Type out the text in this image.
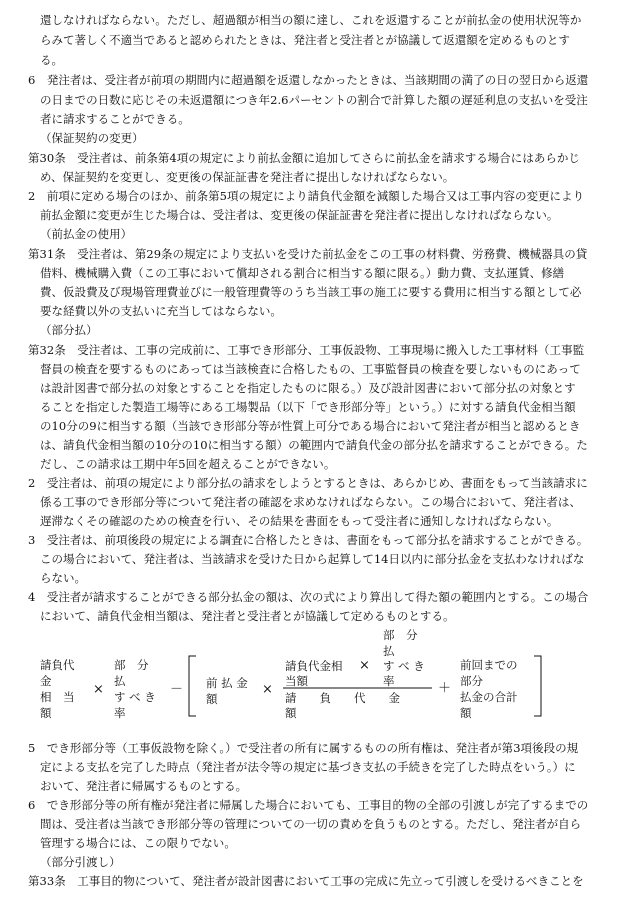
還しなければならない。ただし、超過額が相当の額に達し、これを返還することが前払金の使用状況等か
らみて著しく不適当であると認められたときは、発注者と受注者とが協議して返還額を定めるものとす
る。
6　発注者は、受注者が前項の期間内に超過額を返還しなかったときは、当該期間の満了の日の翌日から返還
の日までの日数に応じその未返還額につき年2.6パーセントの割合で計算した額の遅延利息の支払いを受注
者に請求することができる。
（保証契約の変更）
第30条　受注者は、前条第4項の規定により前払金額に追加してさらに前払金を請求する場合にはあらかじ
め、保証契約を変更し、変更後の保証証書を発注者に提出しなければならない。
2　前項に定める場合のほか、前条第5項の規定により請負代金額を減額した場合又は工事内容の変更により
前払金額に変更が生じた場合は、受注者は、変更後の保証証書を発注者に提出しなければならない。
（前払金の使用）
第31条　受注者は、第29条の規定により支払いを受けた前払金をこの工事の材料費、労務費、機械器具の貸
借料、機械購入費（この工事において償却される割合に相当する額に限る。）動力費、支払運賃、修繕
費、仮設費及び現場管理費並びに一般管理費等のうち当該工事の施工に要する費用に相当する額として必
要な経費以外の支払いに充当してはならない。
（部分払）
第32条　受注者は、工事の完成前に、工事でき形部分、工事仮設物、工事現場に搬入した工事材料（工事監
督員の検査を要するものにあっては当該検査に合格したもの、工事監督員の検査を要しないものにあって
は設計図書で部分払の対象とすることを指定したものに限る。）及び設計図書において部分払の対象とす
ることを指定した製造工場等にある工場製品（以下「でき形部分等」という。）に対する請負代金相当額
の10分の9に相当する額（当該でき形部分等が性質上可分である場合において発注者が相当と認めるとき
は、請負代金相当額の10分の10に相当する額）の範囲内で請負代金の部分払を請求することができる。た
だし、この請求は工期中年5回を超えることができない。
2　受注者は、前項の規定により部分払の請求をしようとするときは、あらかじめ、書面をもって当該請求に
係る工事のでき形部分等について発注者の確認を求めなければならない。この場合において、発注者は、
遅滞なくその確認のための検査を行い、その結果を書面をもって受注者に通知しなければならない。
3　受注者は、前項後段の規定による調査に合格したときは、書面をもって部分払を請求することができる。
この場合において、発注者は、当該請求を受けた日から起算して14日以内に部分払金を支払わなければな
らない。
4　受注者が請求することができる部分払金の額は、次の式により算出して得た額の範囲内とする。この場合
において、請負代金相当額は、発注者と受注者とが協議して定めるものとする。
請負代
金
相　当
額
×
部　分
払
す べ き
率
－ 前 払 金
額
×
部　分
払
請負代金相
当額
× す べ き
率
請　　負　　代　　金
額
＋
前回までの
部分
払金の合計
額
5　でき形部分等（工事仮設物を除く。）で受注者の所有に属するものの所有権は、発注者が第3項後段の規
定による支払を完了した時点（発注者が法令等の規定に基づき支払の手続きを完了した時点をいう。）に
おいて、発注者に帰属するものとする。
6　でき形部分等の所有権が発注者に帰属した場合においても、工事目的物の全部の引渡しが完了するまでの
間は、受注者は当該でき形部分等の管理についての一切の責めを負うものとする。ただし、発注者が自ら
管理する場合には、この限りでない。
（部分引渡し）
第33条　工事目的物について、発注者が設計図書において工事の完成に先立って引渡しを受けるべきことを
